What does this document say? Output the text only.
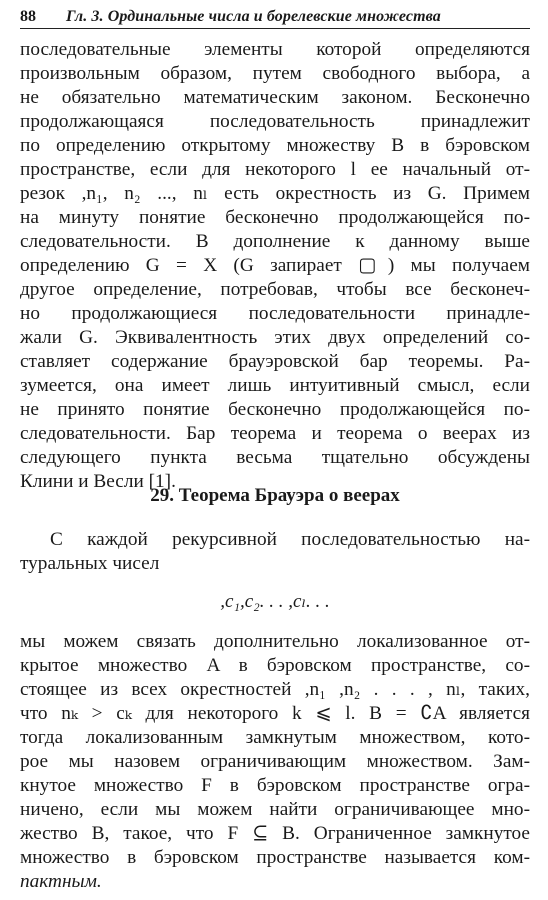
88 Гл. 3. Ординальные числа и борелевские множества
последовательные элементы которой определяются
произвольным образом, путем свободного выбора, а
не обязательно математическим законом. Бесконечно
продолжающаяся последовательность принадлежит
по определению открытому множеству B в бэровском
пространстве, если для некоторого l ее начальный от-
резок ,n₁, n₂ ..., nₗ есть окрестность из G. Примем
на минуту понятие бесконечно продолжающейся по-
следовательности. В дополнение к данному выше
определению G = X (G запирает ▢) мы получаем
другое определение, потребовав, чтобы все бесконеч-
но продолжающиеся последовательности принадле-
жали G. Эквивалентность этих двух определений со-
ставляет содержание брауэровской бар теоремы. Ра-
зумеется, она имеет лишь интуитивный смысл, если
не принято понятие бесконечно продолжающейся по-
следовательности. Бар теорема и теорема о веерах из
следующего пункта весьма тщательно обсуждены
Клини и Весли [1].
29. Теорема Брауэра о веерах
С каждой рекурсивной последовательностью на-
туральных чисел
,c₁,c₂. . . ,cₗ. . .
мы можем связать дополнительно локализованное от-
крытое множество A в бэровском пространстве, со-
стоящее из всех окрестностей ,n₁ ,n₂ . . . , nₗ, таких,
что nₖ > cₖ для некоторого k ⩽ l. B = ∁A является
тогда локализованным замкнутым множеством, кото-
рое мы назовем ограничивающим множеством. Зам-
кнутое множество F в бэровском пространстве огра-
ничено, если мы можем найти ограничивающее мно-
жество B, такое, что F ⊆ B. Ограниченное замкнутое
множество в бэровском пространстве называется ком-
пактным.
